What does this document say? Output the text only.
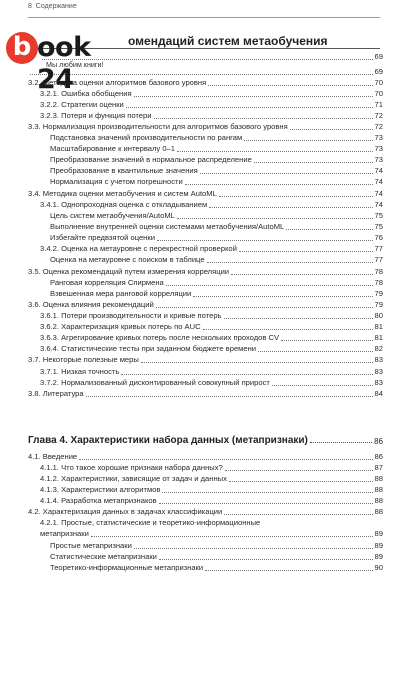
8 Содержание
69
69
3.2. Методика оценки алгоритмов базового уровня	70
3.2.1. Ошибка обобщения	70
3.2.2. Стратегии оценки	71
3.2.3. Потеря и функция потери	72
3.3. Нормализация производительности для алгоритмов базового уровня	72
Подстановка значений производительности по рангам	73
Масштабирование к интервалу 0–1	73
Преобразование значений в нормальное распределение	73
Преобразование в квантильные значения	74
Нормализация с учетом погрешности	74
3.4. Методика оценки метаобучения и систем AutoML	74
3.4.1. Однопроходная оценка с откладыванием	74
Цель систем метаобучения/AutoML	75
Выполнение внутренней оценки системами метаобучения/AutoML	75
Избегайте предвзятой оценки	76
3.4.2. Оценка на метауровне с перекрестной проверкой	77
Оценка на метауровне с поиском в таблице	77
3.5. Оценка рекомендаций путем измерения корреляции	78
Ранговая корреляция Спирмена	78
Взвешенная мера ранговой корреляции	79
3.6. Оценка влияния рекомендаций	79
3.6.1. Потери производительности и кривые потерь	80
3.6.2. Характеризация кривых потерь по AUC	81
3.6.3. Агрегирование кривых потерь после нескольких проходов CV	81
3.6.4. Статистические тесты при заданном бюджете времени	82
3.7. Некоторые полезные меры	83
3.7.1. Низкая точность	83
3.7.2. Нормализованный дисконтированный совокупный прирост	83
3.8. Литература	84
Глава 4. Характеристики набора данных (метапризнаки)	86
4.1. Введение	86
4.1.1. Что такое хорошие признаки набора данных?	87
4.1.2. Характеристики, зависящие от задач и данных	88
4.1.3. Характеристики алгоритмов	88
4.1.4. Разработка метапризнаков	88
4.2. Характеризация данных в задачах классификации	88
4.2.1. Простые, статистические и теоретико-информационные
метапризнаки	89
Простые метапризнаки	89
Статистические метапризнаки	89
Теоретико-информационные метапризнаки	90
омендаций систем метаобучения
b ook 24
Мы любим книги!
